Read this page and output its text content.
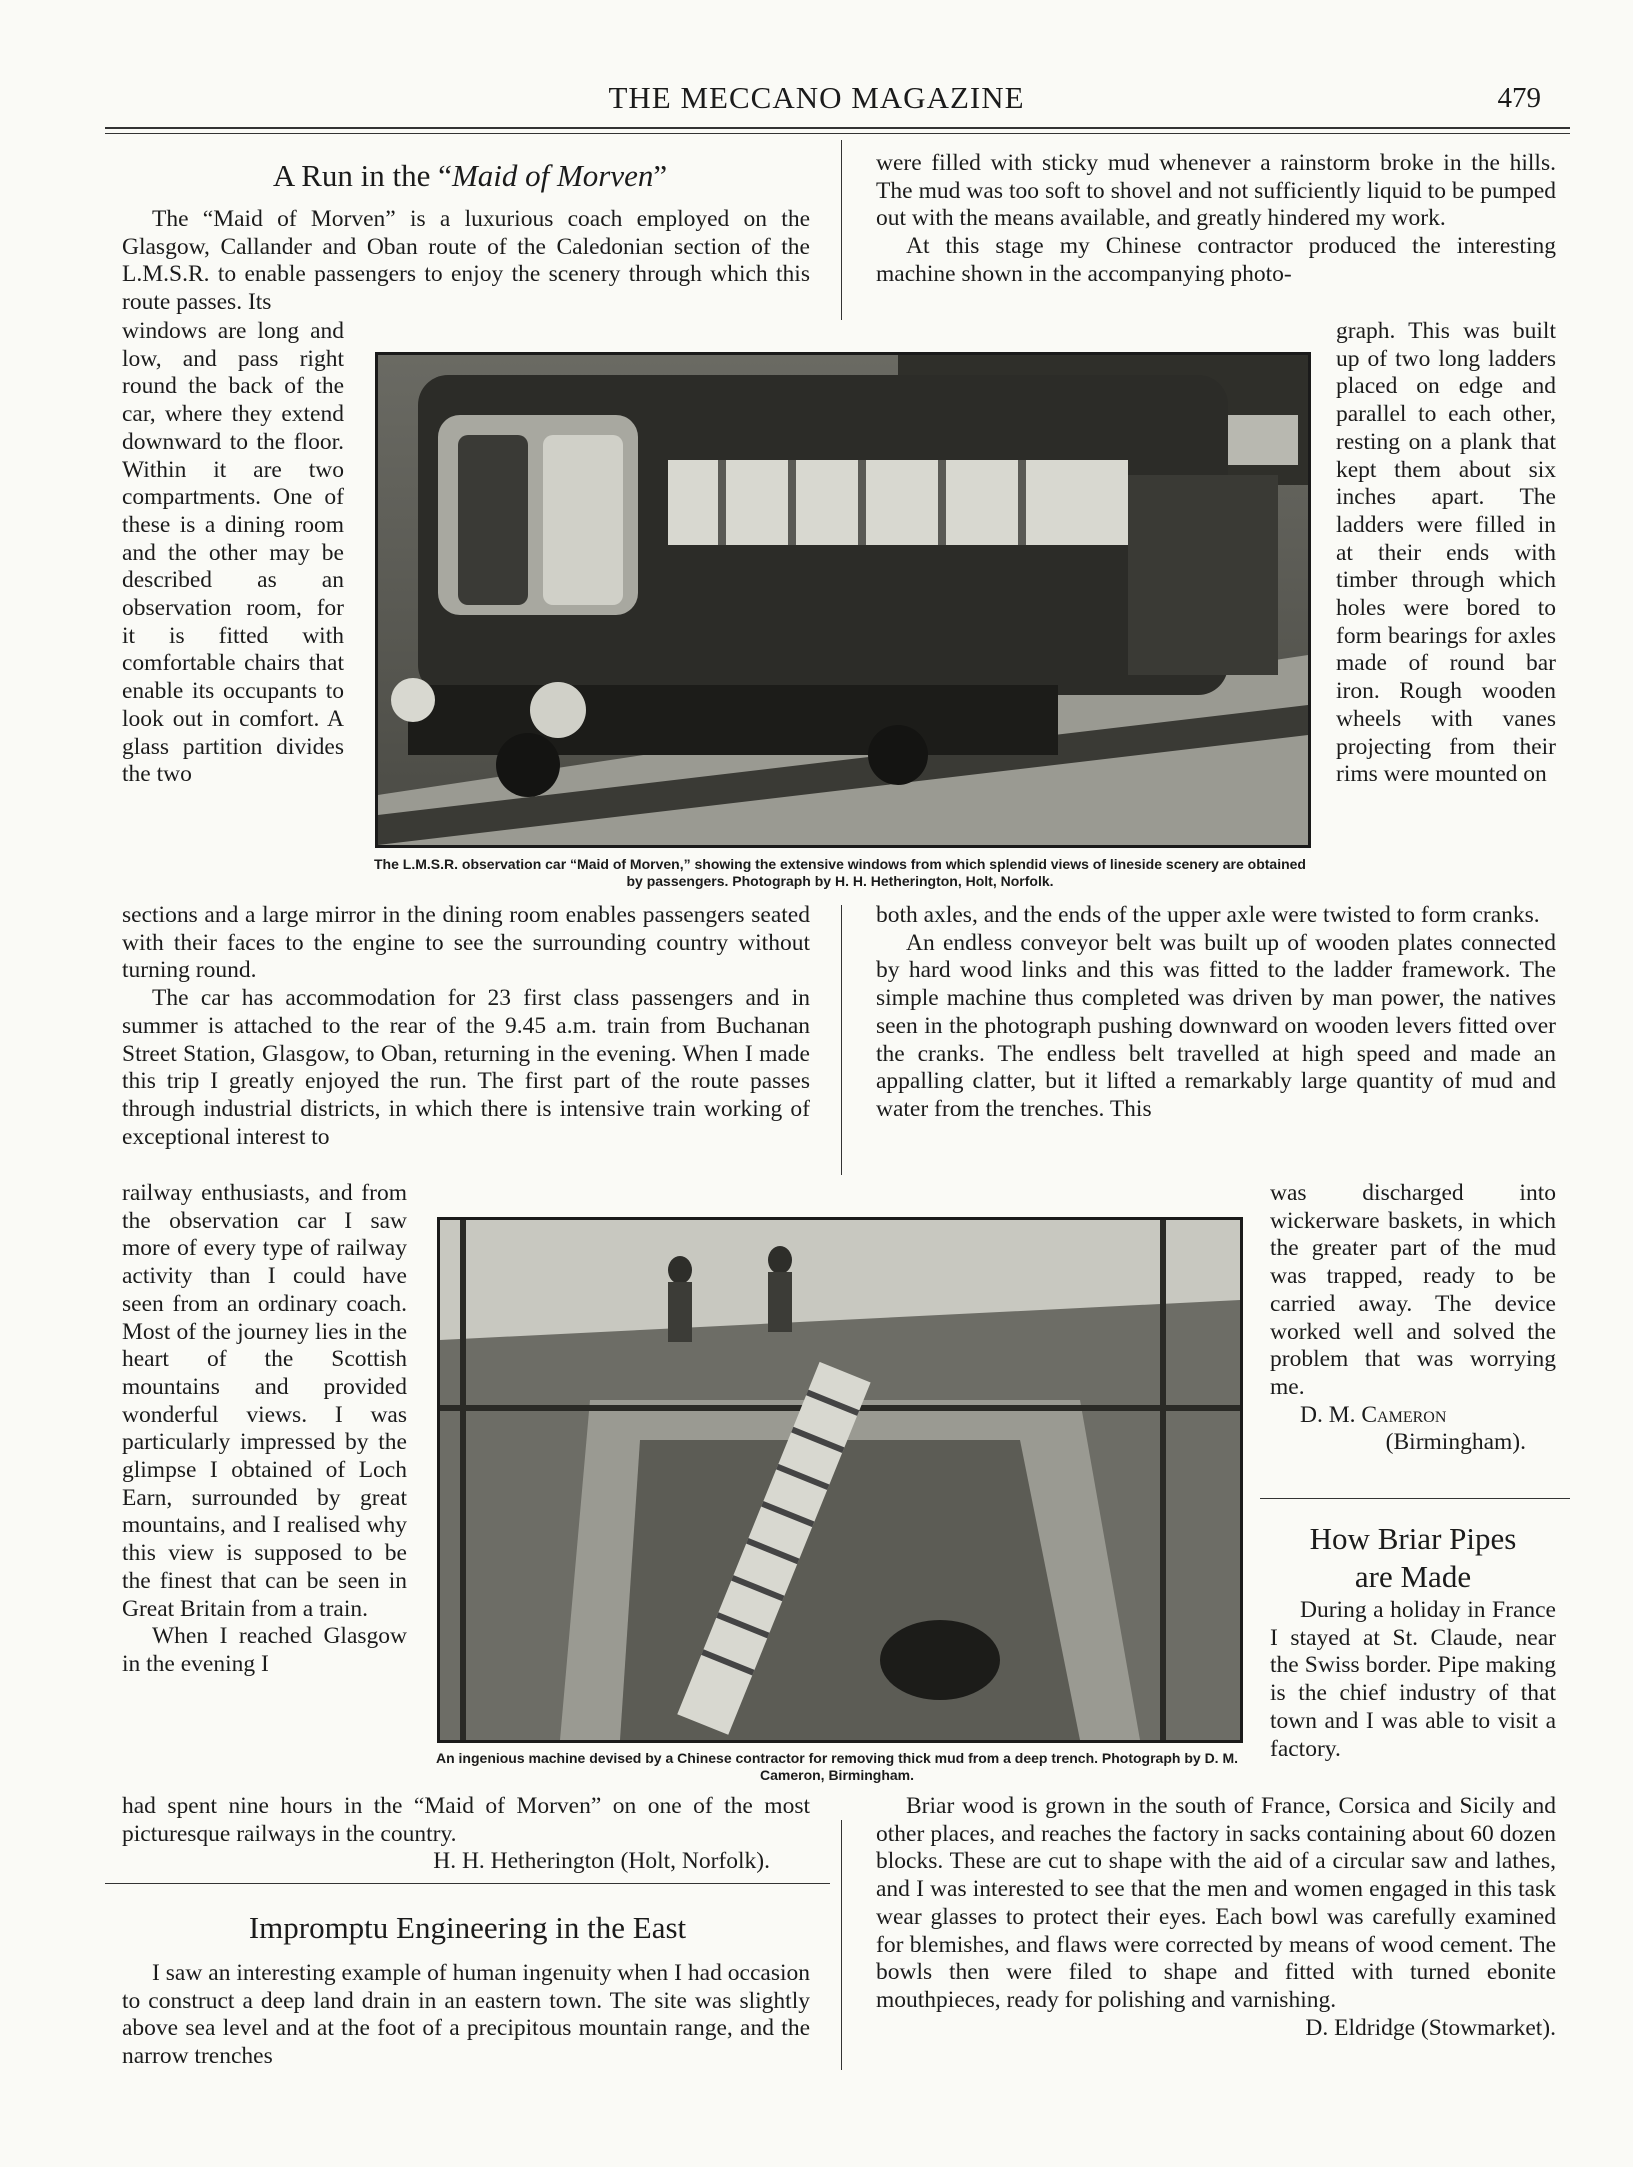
THE MECCANO MAGAZINE	479
A Run in the “Maid of Morven”

The “Maid of Morven” is a luxurious coach employed on the Glasgow, Callander and Oban route of the Caledonian section of the L.M.S.R. to enable passengers to enjoy the scenery through which this route passes. Its

windows are long and low, and pass right round the back of the car, where they extend downward to the floor. Within it are two compartments. One of these is a dining room and the other may be described as an observation room, for it is fitted with comfortable chairs that enable its occupants to look out in comfort. A glass partition divides the two

The L.M.S.R. observation car “Maid of Morven,” showing the extensive windows from which splendid views of lineside scenery are obtained by passengers. Photograph by H. H. Hetherington, Holt, Norfolk.

were filled with sticky mud whenever a rainstorm broke in the hills. The mud was too soft to shovel and not sufficiently liquid to be pumped out with the means available, and greatly hindered my work.

At this stage my Chinese contractor produced the interesting machine shown in the accompanying photo-

graph. This was built up of two long ladders placed on edge and parallel to each other, resting on a plank that kept them about six inches apart. The ladders were filled in at their ends with timber through which holes were bored to form bearings for axles made of round bar iron. Rough wooden wheels with vanes projecting from their rims were mounted on

sections and a large mirror in the dining room enables passengers seated with their faces to the engine to see the surrounding country without turning round.

The car has accommodation for 23 first class passengers and in summer is attached to the rear of the 9.45 a.m. train from Buchanan Street Station, Glasgow, to Oban, returning in the evening. When I made this trip I greatly enjoyed the run. The first part of the route passes through industrial districts, in which there is intensive train working of exceptional interest to

both axles, and the ends of the upper axle were twisted to form cranks.

An endless conveyor belt was built up of wooden plates connected by hard wood links and this was fitted to the ladder framework. The simple machine thus completed was driven by man power, the natives seen in the photograph pushing downward on wooden levers fitted over the cranks. The endless belt travelled at high speed and made an appalling clatter, but it lifted a remarkably large quantity of mud and water from the trenches. This

railway enthusiasts, and from the observation car I saw more of every type of railway activity than I could have seen from an ordinary coach. Most of the journey lies in the heart of the Scottish mountains and provided wonderful views. I was particularly impressed by the glimpse I obtained of Loch Earn, surrounded by great mountains, and I realised why this view is supposed to be the finest that can be seen in Great Britain from a train.

When I reached Glasgow in the evening I

was discharged into wickerware baskets, in which the greater part of the mud was trapped, ready to be carried away. The device worked well and solved the problem that was worrying me.

D. M. Cameron

(Birmingham).

An ingenious machine devised by a Chinese contractor for removing thick mud from a deep trench. Photograph by D. M. Cameron, Birmingham.

had spent nine hours in the “Maid of Morven” on one of the most picturesque railways in the country.

H. H. Hetherington (Holt, Norfolk).

How Briar Pipes
are Made

During a holiday in France I stayed at St. Claude, near the Swiss border. Pipe making is the chief industry of that town and I was able to visit a factory.

Briar wood is grown in the south of France, Corsica and Sicily and other places, and reaches the factory in sacks containing about 60 dozen blocks. These are cut to shape with the aid of a circular saw and lathes, and I was interested to see that the men and women engaged in this task wear glasses to protect their eyes. Each bowl was carefully examined for blemishes, and flaws were corrected by means of wood cement. The bowls then were filed to shape and fitted with turned ebonite mouthpieces, ready for polishing and varnishing.

D. Eldridge (Stowmarket).

Impromptu Engineering in the East

I saw an interesting example of human ingenuity when I had occasion to construct a deep land drain in an eastern town. The site was slightly above sea level and at the foot of a precipitous mountain range, and the narrow trenches
